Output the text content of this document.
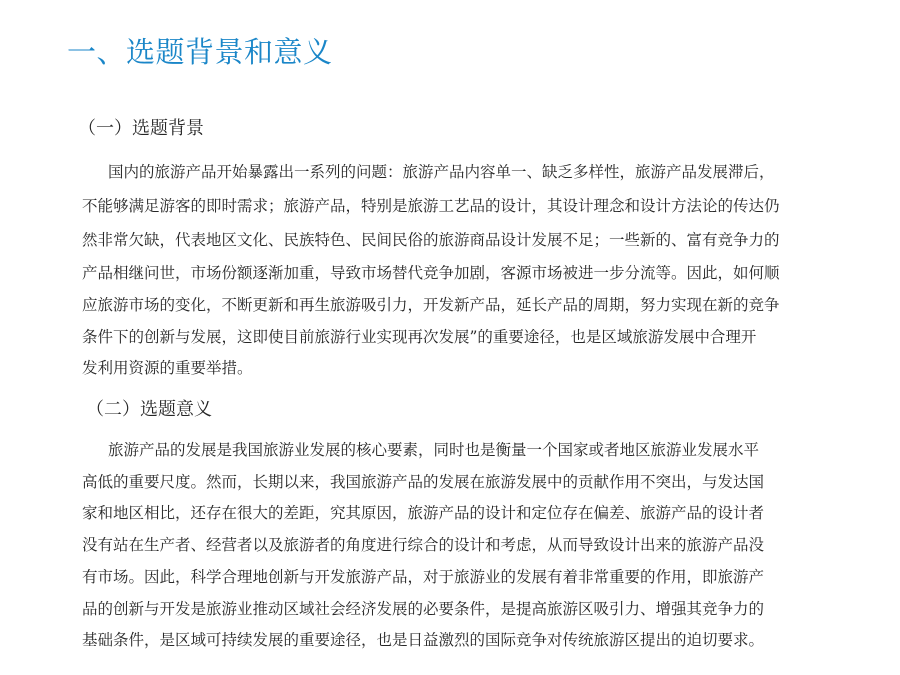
一、选题背景和意义
（一）选题背景

国内的旅游产品开始暴露出一系列的问题：旅游产品内容单一、缺乏多样性，旅游产品发展滞后，

不能够满足游客的即时需求；旅游产品，特别是旅游工艺品的设计，其设计理念和设计方法论的传达仍

然非常欠缺，代表地区文化、民族特色、民间民俗的旅游商品设计发展不足；一些新的、富有竞争力的

产品相继问世，市场份额逐渐加重，导致市场替代竞争加剧，客源市场被进一步分流等。因此，如何顺

应旅游市场的变化，不断更新和再生旅游吸引力，开发新产品，延长产品的周期，努力实现在新的竞争

条件下的创新与发展，这即使目前旅游行业实现再次发展”的重要途径，也是区域旅游发展中合理开

发利用资源的重要举措。

（二）选题意义

旅游产品的发展是我国旅游业发展的核心要素，同时也是衡量一个国家或者地区旅游业发展水平

高低的重要尺度。然而，长期以来，我国旅游产品的发展在旅游发展中的贡献作用不突出，与发达国

家和地区相比，还存在很大的差距，究其原因，旅游产品的设计和定位存在偏差、旅游产品的设计者

没有站在生产者、经营者以及旅游者的角度进行综合的设计和考虑，从而导致设计出来的旅游产品没

有市场。因此，科学合理地创新与开发旅游产品，对于旅游业的发展有着非常重要的作用，即旅游产

品的创新与开发是旅游业推动区域社会经济发展的必要条件，是提高旅游区吸引力、增强其竞争力的

基础条件，是区域可持续发展的重要途径，也是日益激烈的国际竞争对传统旅游区提出的迫切要求。
